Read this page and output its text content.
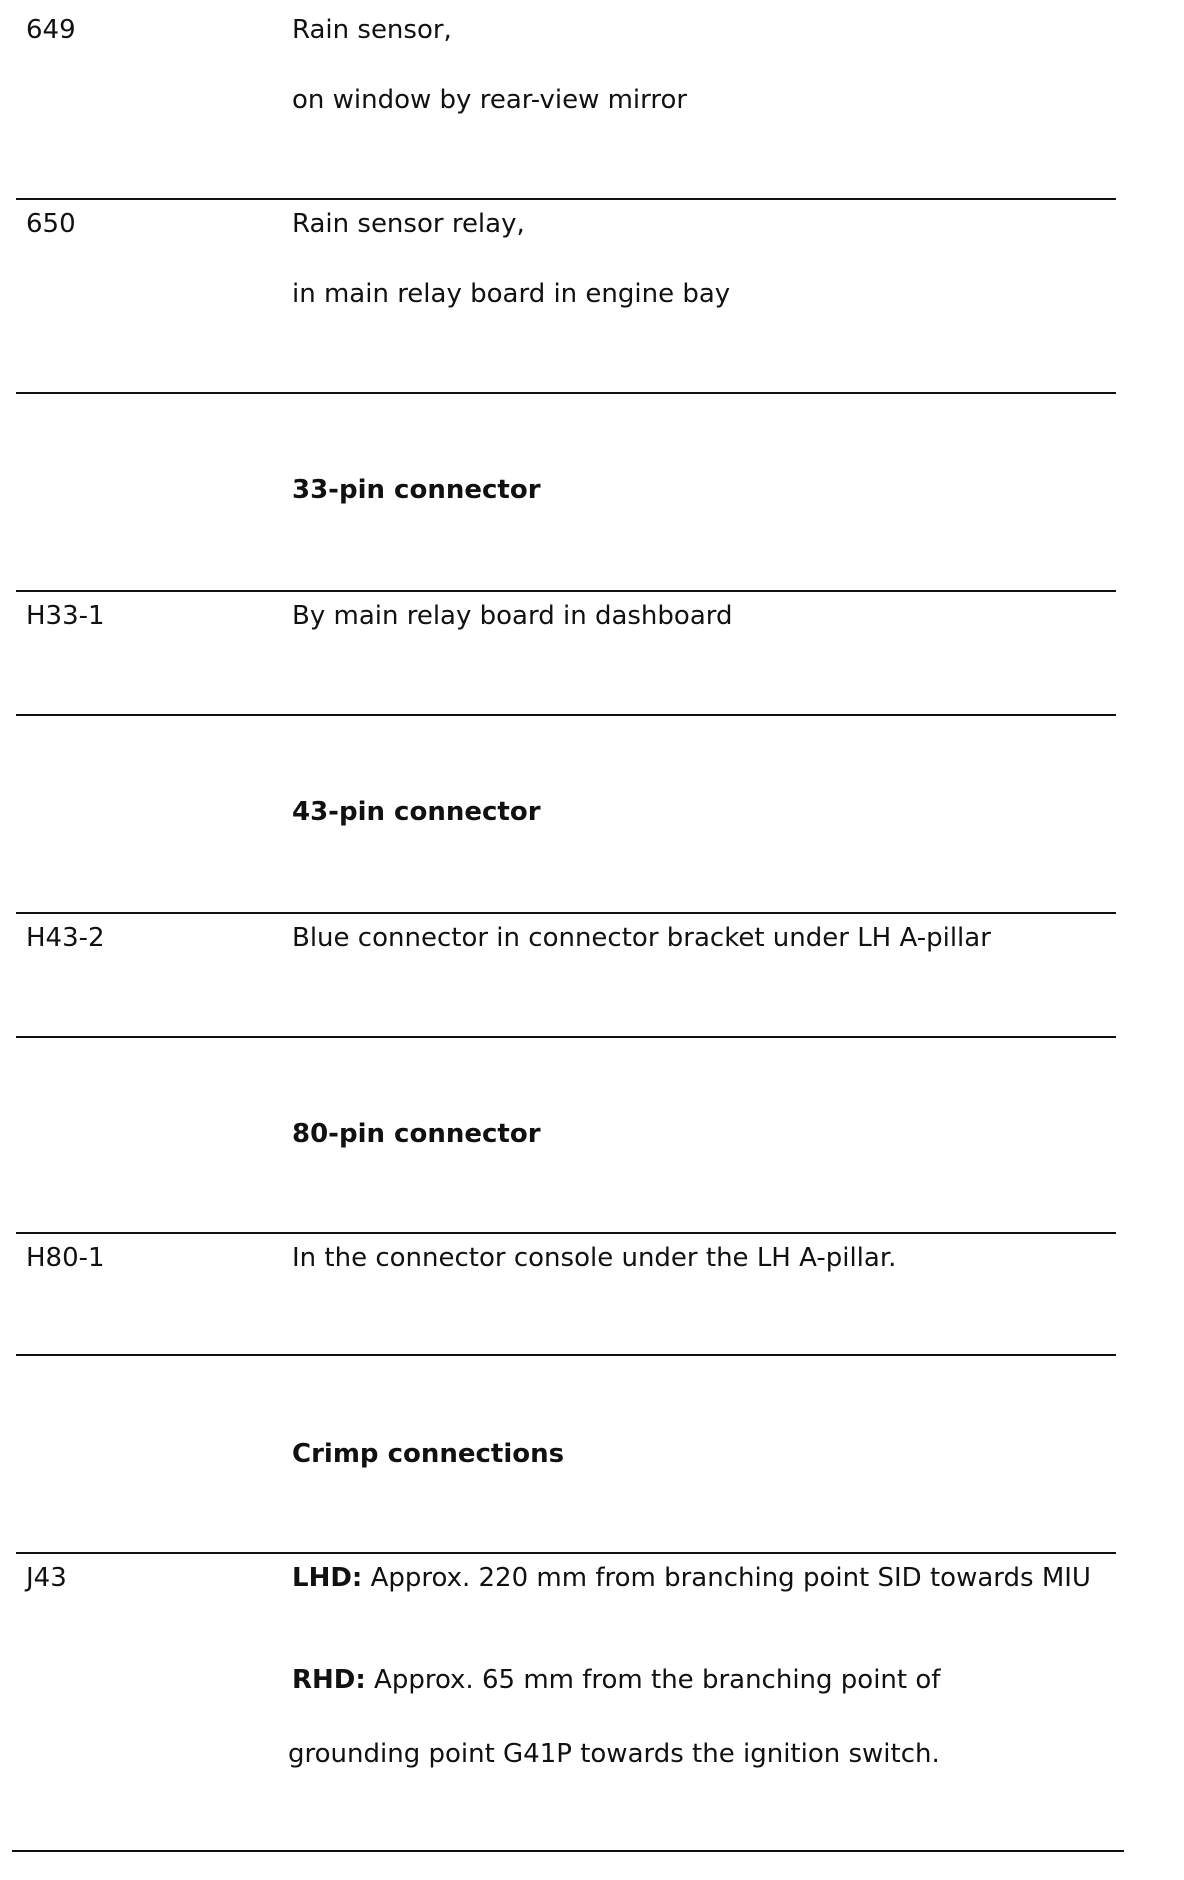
649	Rain sensor,
on window by rear-view mirror
650	Rain sensor relay,
in main relay board in engine bay
33-pin connector
H33-1	By main relay board in dashboard
43-pin connector
H43-2	Blue connector in connector bracket under LH A-pillar
80-pin connector
H80-1	In the connector console under the LH A-pillar.
Crimp connections
J43	LHD: Approx. 220 mm from branching point SID towards MIU
RHD: Approx. 65 mm from the branching point of
grounding point G41P towards the ignition switch.
